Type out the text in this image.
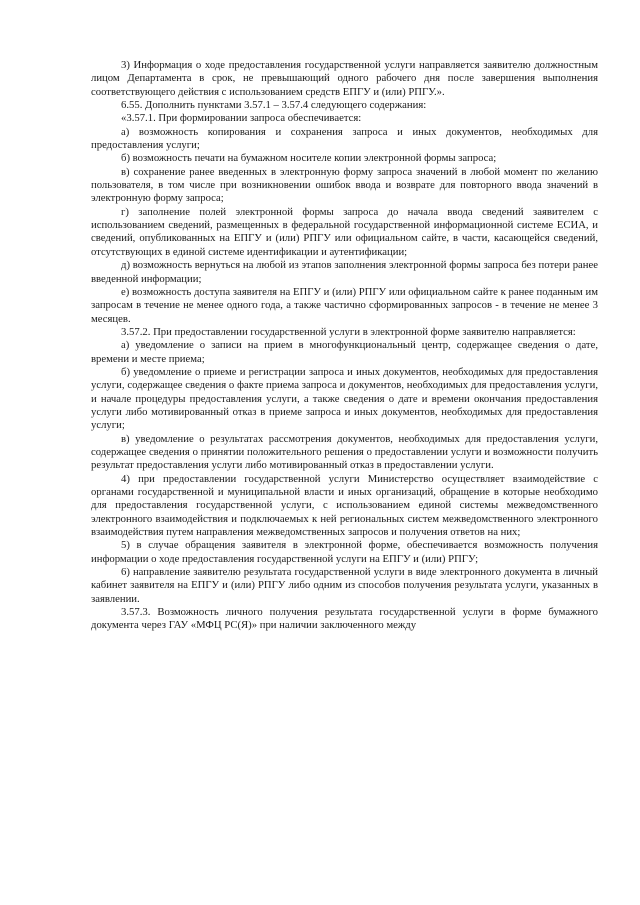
3) Информация о ходе предоставления государственной услуги направляется заявителю должностным лицом Департамента в срок, не превышающий одного рабочего дня после завершения выполнения соответствующего действия с использованием средств ЕПГУ и (или) РПГУ.».

6.55. Дополнить пунктами 3.57.1 – 3.57.4 следующего содержания:

«3.57.1. При формировании запроса обеспечивается:

а) возможность копирования и сохранения запроса и иных документов, необходимых для предоставления услуги;

б) возможность печати на бумажном носителе копии электронной формы запроса;

в) сохранение ранее введенных в электронную форму запроса значений в любой момент по желанию пользователя, в том числе при возникновении ошибок ввода и возврате для повторного ввода значений в электронную форму запроса;

г) заполнение полей электронной формы запроса до начала ввода сведений заявителем с использованием сведений, размещенных в федеральной государственной информационной системе ЕСИА, и сведений, опубликованных на ЕПГУ и (или) РПГУ или официальном сайте, в части, касающейся сведений, отсутствующих в единой системе идентификации и аутентификации;

д) возможность вернуться на любой из этапов заполнения электронной формы запроса без потери ранее введенной информации;

е) возможность доступа заявителя на ЕПГУ и (или) РПГУ или официальном сайте к ранее поданным им запросам в течение не менее одного года, а также частично сформированных запросов - в течение не менее 3 месяцев.

3.57.2. При предоставлении государственной услуги в электронной форме заявителю направляется:

а) уведомление о записи на прием в многофункциональный центр, содержащее сведения о дате, времени и месте приема;

б) уведомление о приеме и регистрации запроса и иных документов, необходимых для предоставления услуги, содержащее сведения о факте приема запроса и документов, необходимых для предоставления услуги, и начале процедуры предоставления услуги, а также сведения о дате и времени окончания предоставления услуги либо мотивированный отказ в приеме запроса и иных документов, необходимых для предоставления услуги;

в) уведомление о результатах рассмотрения документов, необходимых для предоставления услуги, содержащее сведения о принятии положительного решения о предоставлении услуги и возможности получить результат предоставления услуги либо мотивированный отказ в предоставлении услуги.

4) при предоставлении государственной услуги Министерство осуществляет взаимодействие с органами государственной и муниципальной власти и иных организаций, обращение в которые необходимо для предоставления государственной услуги, с использованием единой системы межведомственного электронного взаимодействия и подключаемых к ней региональных систем межведомственного электронного взаимодействия путем направления межведомственных запросов и получения ответов на них;

5) в случае обращения заявителя в электронной форме, обеспечивается возможность получения информации о ходе предоставления государственной услуги на ЕПГУ и (или) РПГУ;

6) направление заявителю результата государственной услуги в виде электронного документа в личный кабинет заявителя на ЕПГУ и (или) РПГУ либо одним из способов получения результата услуги, указанных в заявлении.

3.57.3. Возможность личного получения результата государственной услуги в форме бумажного документа через ГАУ «МФЦ РС(Я)» при наличии заключенного между
